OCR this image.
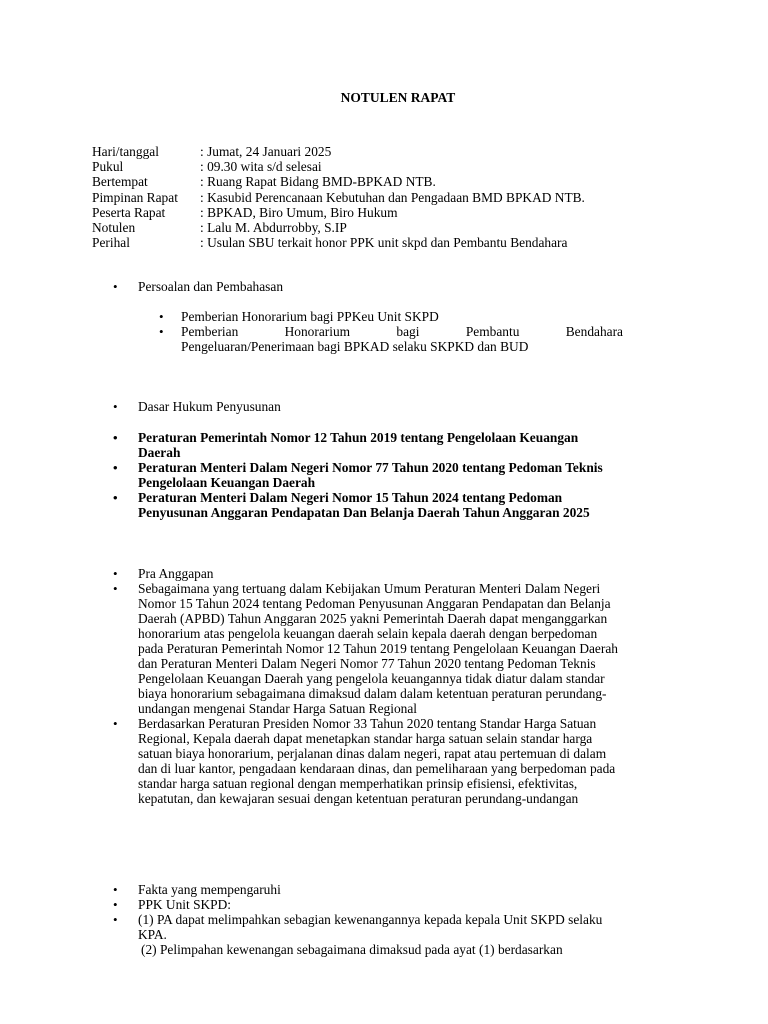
NOTULEN RAPAT
Hari/tanggal	: Jumat, 24 Januari 2025
Pukul	: 09.30 wita s/d selesai
Bertempat	: Ruang Rapat Bidang BMD-BPKAD NTB.
Pimpinan Rapat	: Kasubid Perencanaan Kebutuhan dan Pengadaan BMD BPKAD NTB.
Peserta Rapat	: BPKAD, Biro Umum, Biro Hukum
Notulen	: Lalu M. Abdurrobby, S.IP
Perihal	: Usulan SBU terkait honor PPK unit skpd dan Pembantu Bendahara
• Persoalan dan Pembahasan
• Pemberian Honorarium bagi PPKeu Unit SKPD
• Pemberian Honorarium bagi Pembantu Bendahara
Pengeluaran/Penerimaan bagi BPKAD selaku SKPKD dan BUD
• Dasar Hukum Penyusunan
• Peraturan Pemerintah Nomor 12 Tahun 2019 tentang Pengelolaan Keuangan Daerah
• Peraturan Menteri Dalam Negeri Nomor 77 Tahun 2020 tentang Pedoman Teknis Pengelolaan Keuangan Daerah
• Peraturan Menteri Dalam Negeri Nomor 15 Tahun 2024 tentang Pedoman Penyusunan Anggaran Pendapatan Dan Belanja Daerah Tahun Anggaran 2025
• Pra Anggapan
• Sebagaimana yang tertuang dalam Kebijakan Umum Peraturan Menteri Dalam Negeri Nomor 15 Tahun 2024 tentang Pedoman Penyusunan Anggaran Pendapatan dan Belanja Daerah (APBD) Tahun Anggaran 2025 yakni Pemerintah Daerah dapat menganggarkan honorarium atas pengelola keuangan daerah selain kepala daerah dengan berpedoman pada Peraturan Pemerintah Nomor 12 Tahun 2019 tentang Pengelolaan Keuangan Daerah dan Peraturan Menteri Dalam Negeri Nomor 77 Tahun 2020 tentang Pedoman Teknis Pengelolaan Keuangan Daerah yang pengelola keuangannya tidak diatur dalam standar biaya honorarium sebagaimana dimaksud dalam dalam ketentuan peraturan perundang-undangan mengenai Standar Harga Satuan Regional
• Berdasarkan Peraturan Presiden Nomor 33 Tahun 2020 tentang Standar Harga Satuan Regional, Kepala daerah dapat menetapkan standar harga satuan selain standar harga satuan biaya honorarium, perjalanan dinas dalam negeri, rapat atau pertemuan di dalam dan di luar kantor, pengadaan kendaraan dinas, dan pemeliharaan yang berpedoman pada standar harga satuan regional dengan memperhatikan prinsip efisiensi, efektivitas, kepatutan, dan kewajaran sesuai dengan ketentuan peraturan perundang-undangan
• Fakta yang mempengaruhi
• PPK Unit SKPD:
• (1) PA dapat melimpahkan sebagian kewenangannya kepada kepala Unit SKPD selaku KPA.
(2) Pelimpahan kewenangan sebagaimana dimaksud pada ayat (1) berdasarkan
